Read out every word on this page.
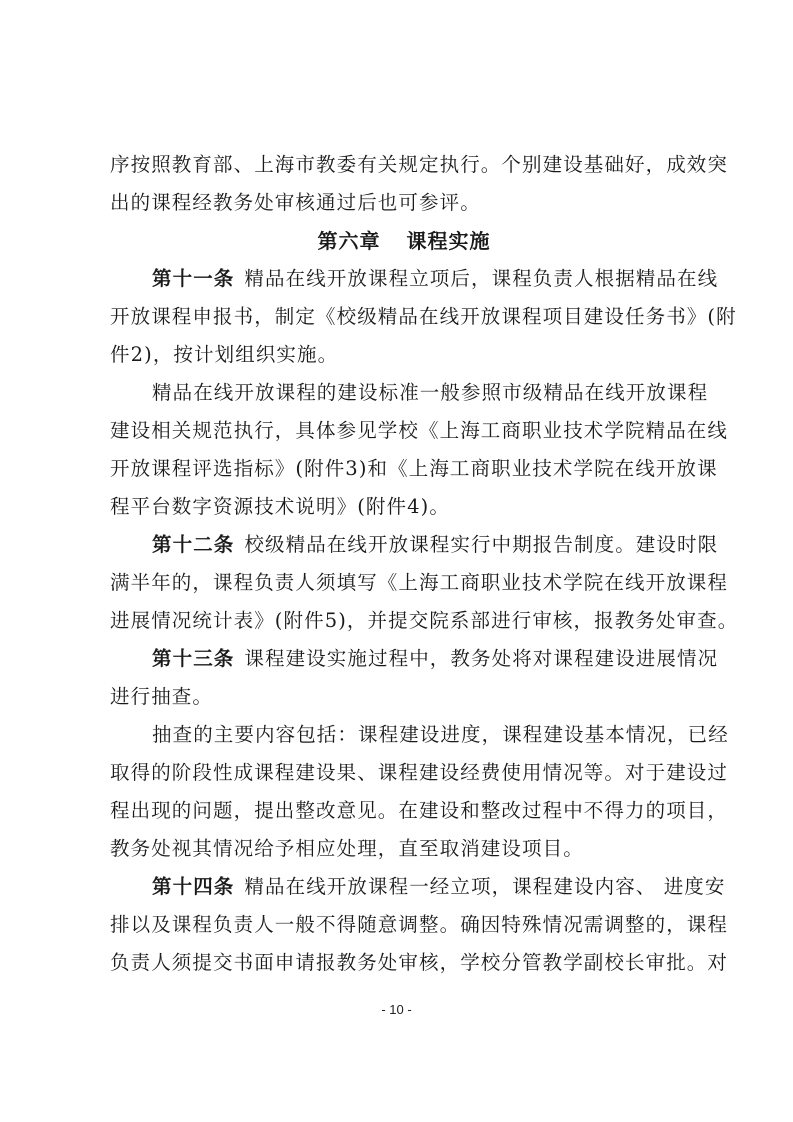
序按照教育部、上海市教委有关规定执行。个别建设基础好，成效突
出的课程经教务处审核通过后也可参评。
第六章 课程实施
第十一条 精品在线开放课程立项后，课程负责人根据精品在线
开放课程申报书，制定《校级精品在线开放课程项目建设任务书》(附
件2)，按计划组织实施。
精品在线开放课程的建设标准一般参照市级精品在线开放课程
建设相关规范执行，具体参见学校《上海工商职业技术学院精品在线
开放课程评选指标》(附件3)和《上海工商职业技术学院在线开放课
程平台数字资源技术说明》(附件4)。
第十二条 校级精品在线开放课程实行中期报告制度。建设时限
满半年的，课程负责人须填写《上海工商职业技术学院在线开放课程
进展情况统计表》(附件5)，并提交院系部进行审核，报教务处审查。
第十三条 课程建设实施过程中，教务处将对课程建设进展情况
进行抽查。
抽查的主要内容包括：课程建设进度，课程建设基本情况，已经
取得的阶段性成课程建设果、课程建设经费使用情况等。对于建设过
程出现的问题，提出整改意见。在建设和整改过程中不得力的项目，
教务处视其情况给予相应处理，直至取消建设项目。
第十四条 精品在线开放课程一经立项，课程建设内容、 进度安
排以及课程负责人一般不得随意调整。确因特殊情况需调整的，课程
负责人须提交书面申请报教务处审核，学校分管教学副校长审批。对
- 10 -
